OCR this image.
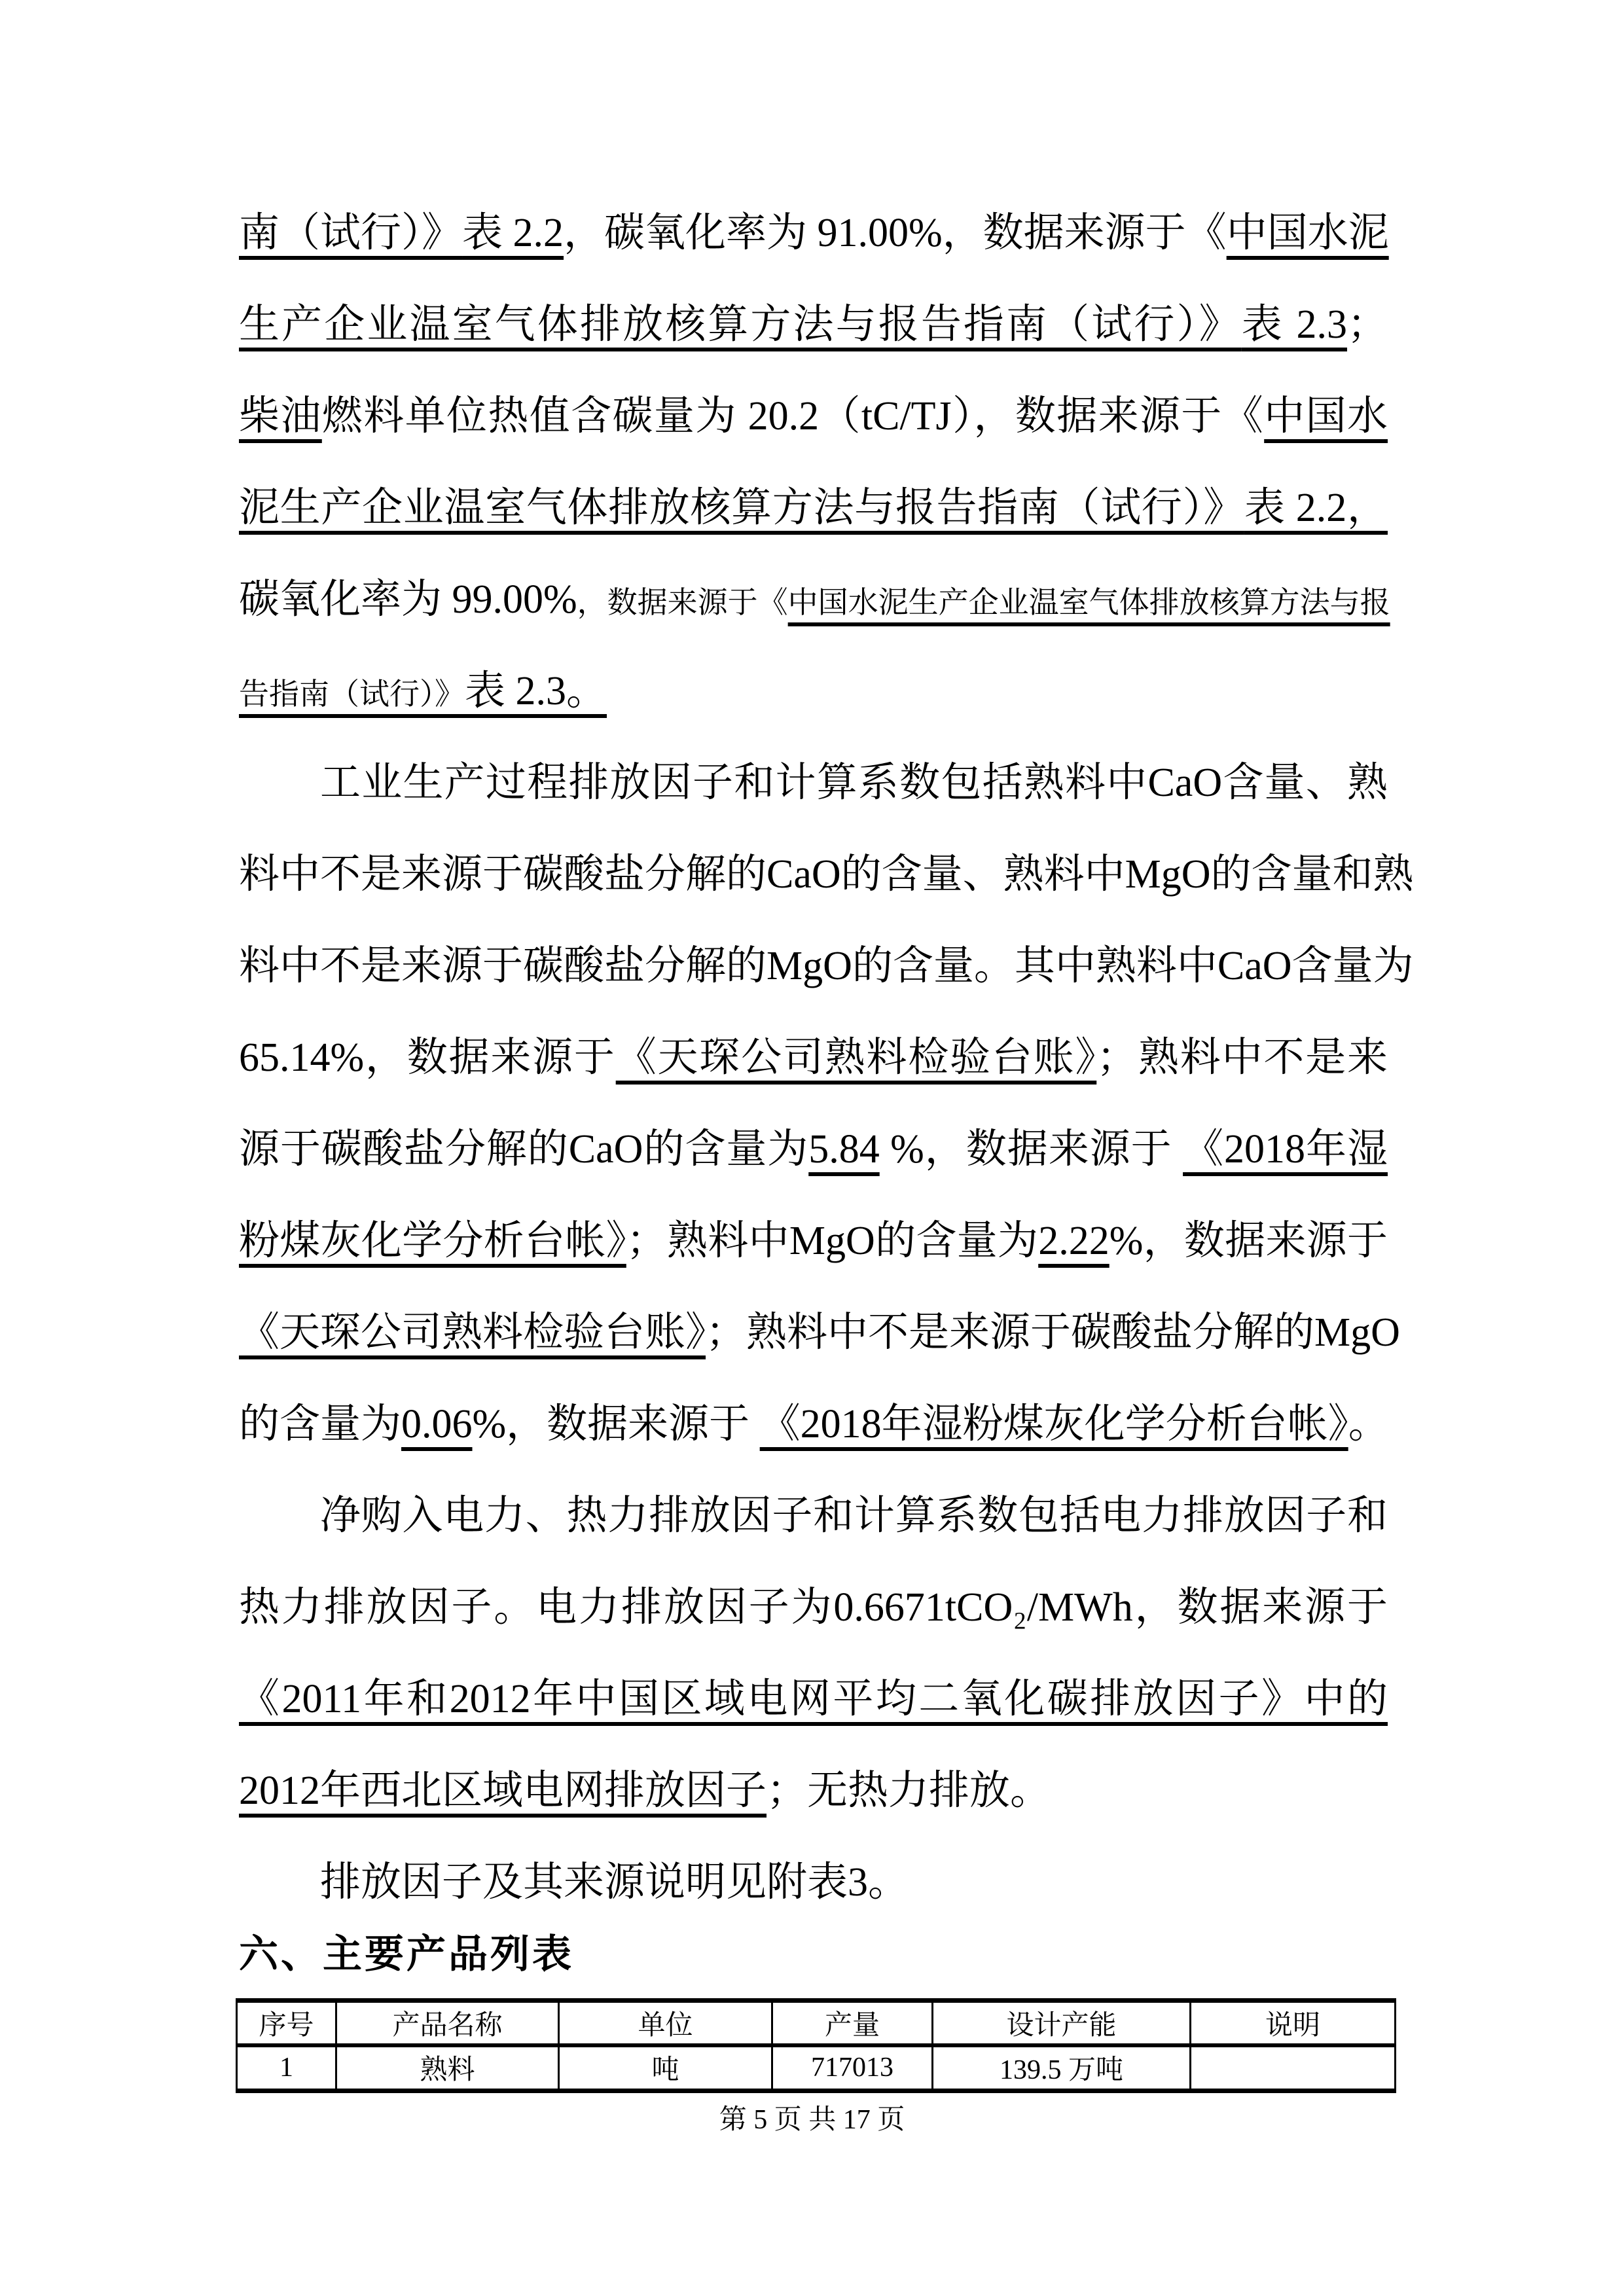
南（试行）》表 2.2，碳氧化率为 91.00%，数据来源于《中国水泥
生产企业温室气体排放核算方法与报告指南（试行）》表 2.3；
柴油燃料单位热值含碳量为 20.2（tC/TJ），数据来源于《中国水
泥生产企业温室气体排放核算方法与报告指南（试行）》表 2.2，
碳氧化率为 99.00%，数据来源于《中国水泥生产企业温室气体排放核算方法与报
告指南（试行）》表 2.3。
工业生产过程排放因子和计算系数包括熟料中CaO含量、熟
料中不是来源于碳酸盐分解的CaO的含量、熟料中MgO的含量和熟
料中不是来源于碳酸盐分解的MgO的含量。其中熟料中CaO含量为
65.14%，数据来源于《天琛公司熟料检验台账》；熟料中不是来
源于碳酸盐分解的CaO的含量为5.84 %，数据来源于 《2018年湿
粉煤灰化学分析台帐》；熟料中MgO的含量为2.22%，数据来源于
《天琛公司熟料检验台账》；熟料中不是来源于碳酸盐分解的MgO
的含量为0.06%，数据来源于 《2018年湿粉煤灰化学分析台帐》。
净购入电力、热力排放因子和计算系数包括电力排放因子和
热力排放因子。电力排放因子为0.6671tCO₂/MWh，数据来源于
《2011年和2012年中国区域电网平均二氧化碳排放因子》中的
2012年西北区域电网排放因子；无热力排放。
排放因子及其来源说明见附表3。
六、主要产品列表
序号	产品名称	单位	产量	设计产能	说明
1	熟料	吨	717013	139.5 万吨	
第 5 页 共 17 页
